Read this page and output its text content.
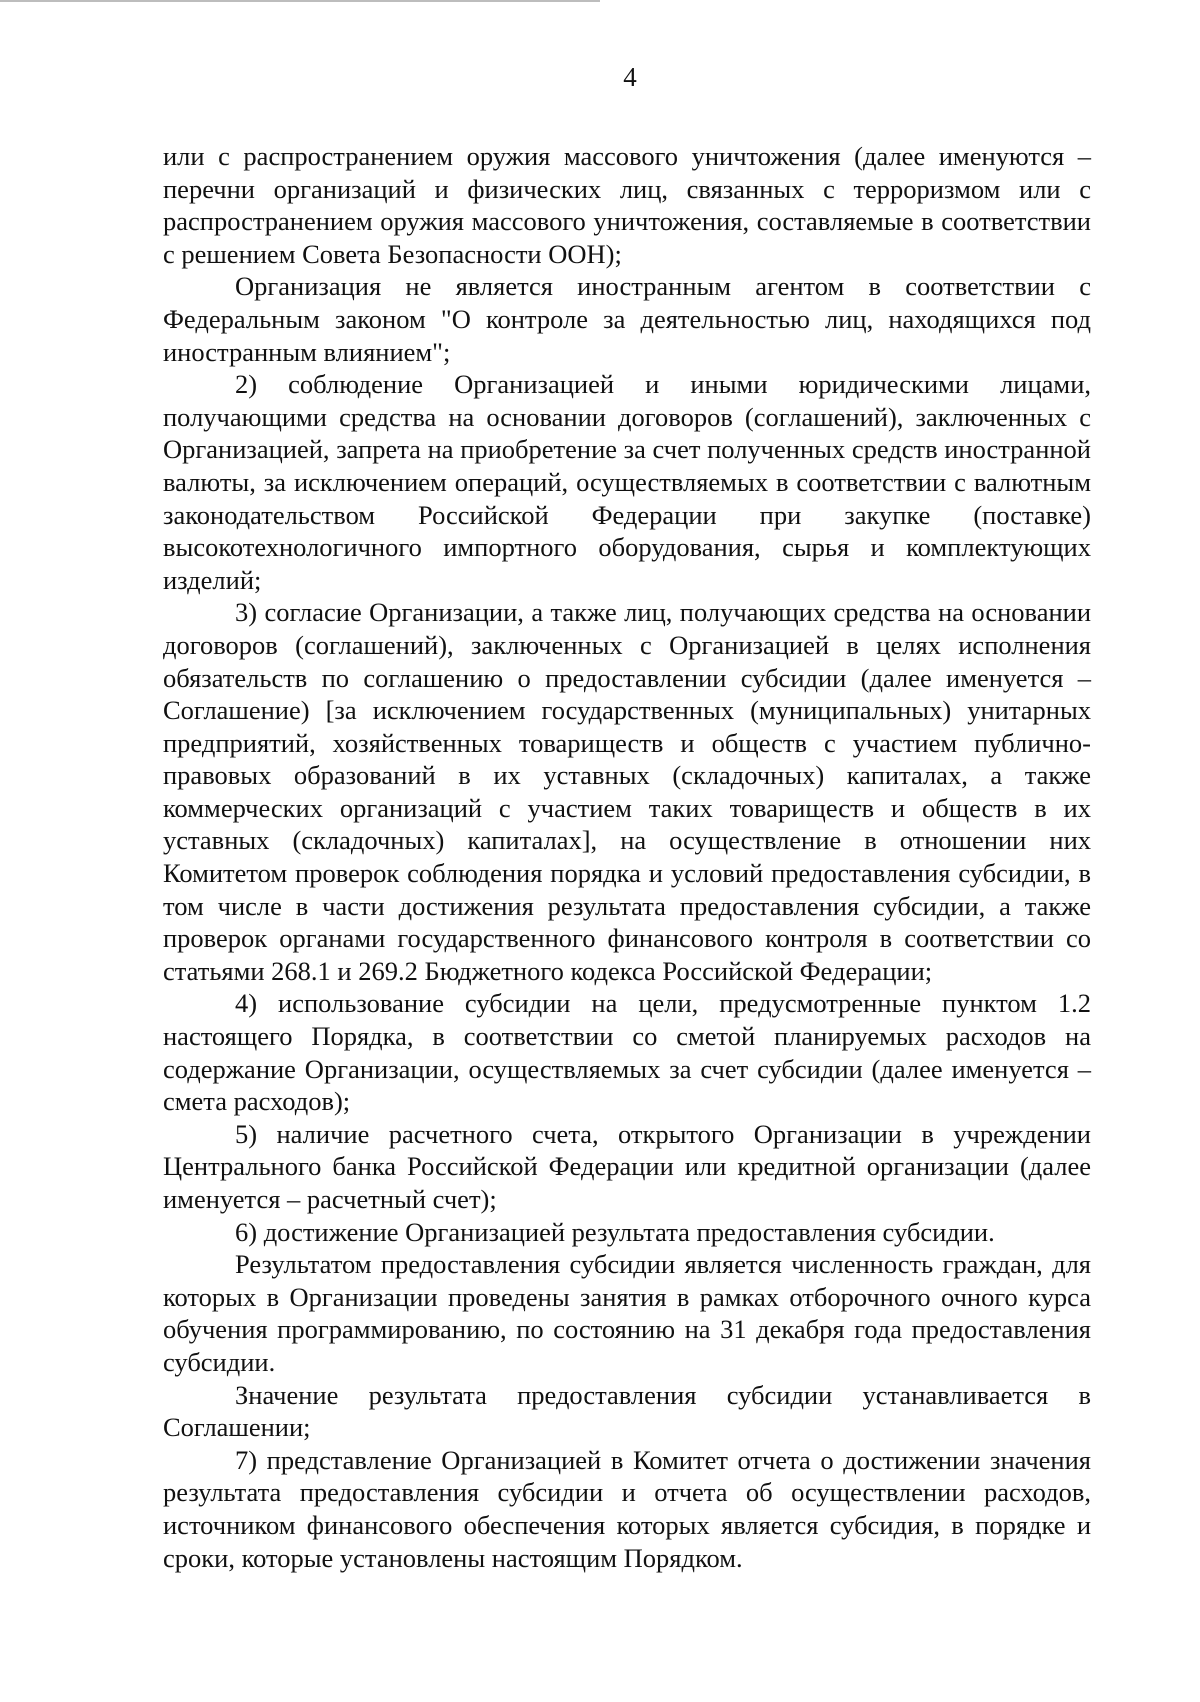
4

или с распространением оружия массового уничтожения (далее именуются – перечни организаций и физических лиц, связанных с терроризмом или с распространением оружия массового уничтожения, составляемые в соответствии с решением Совета Безопасности ООН);

Организация не является иностранным агентом в соответствии с Федеральным законом "О контроле за деятельностью лиц, находящихся под иностранным влиянием";

2) соблюдение Организацией и иными юридическими лицами, получающими средства на основании договоров (соглашений), заключенных с Организацией, запрета на приобретение за счет полученных средств иностранной валюты, за исключением операций, осуществляемых в соответствии с валютным законодательством Российской Федерации при закупке (поставке) высокотехнологичного импортного оборудования, сырья и комплектующих изделий;

3) согласие Организации, а также лиц, получающих средства на основании договоров (соглашений), заключенных с Организацией в целях исполнения обязательств по соглашению о предоставлении субсидии (далее именуется – Соглашение) [за исключением государственных (муниципальных) унитарных предприятий, хозяйственных товариществ и обществ с участием публично-правовых образований в их уставных (складочных) капиталах, а также коммерческих организаций с участием таких товариществ и обществ в их уставных (складочных) капиталах], на осуществление в отношении них Комитетом проверок соблюдения порядка и условий предоставления субсидии, в том числе в части достижения результата предоставления субсидии, а также проверок органами государственного финансового контроля в соответствии со статьями 268.1 и 269.2 Бюджетного кодекса Российской Федерации;

4) использование субсидии на цели, предусмотренные пунктом 1.2 настоящего Порядка, в соответствии со сметой планируемых расходов на содержание Организации, осуществляемых за счет субсидии (далее именуется – смета расходов);

5) наличие расчетного счета, открытого Организации в учреждении Центрального банка Российской Федерации или кредитной организации (далее именуется – расчетный счет);

6) достижение Организацией результата предоставления субсидии.

Результатом предоставления субсидии является численность граждан, для которых в Организации проведены занятия в рамках отборочного очного курса обучения программированию, по состоянию на 31 декабря года предоставления субсидии.

Значение результата предоставления субсидии устанавливается в Соглашении;

7) представление Организацией в Комитет отчета о достижении значения результата предоставления субсидии и отчета об осуществлении расходов, источником финансового обеспечения которых является субсидия, в порядке и сроки, которые установлены настоящим Порядком.
